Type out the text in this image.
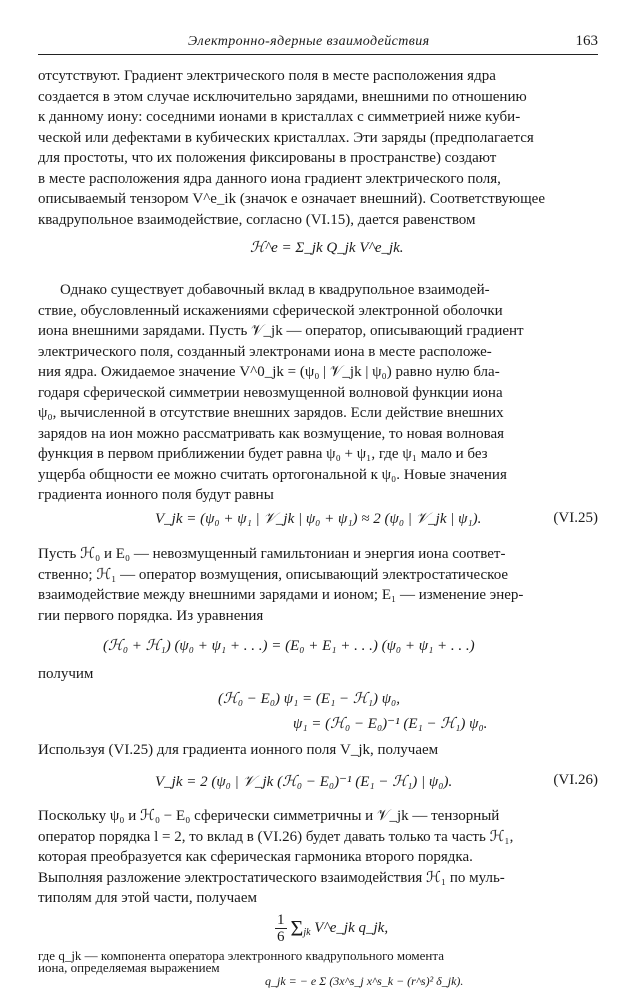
Электронно-ядерные взаимодействия	163
отсутствуют. Градиент электрического поля в месте расположения ядра
создается в этом случае исключительно зарядами, внешними по отношению
к данному иону: соседними ионами в кристаллах с симметрией ниже куби-
ческой или дефектами в кубических кристаллах. Эти заряды (предполагается
для простоты, что их положения фиксированы в пространстве) создают
в месте расположения ядра данного иона градиент электрического поля,
описываемый тензором V^e_ik (значок e означает внешний). Соответствующее
квадрупольное взаимодействие, согласно (VI.15), дается равенством
ℋ^e = Σ_jk Q_jk V^e_jk.
Однако существует добавочный вклад в квадрупольное взаимодей-
ствие, обусловленный искажениями сферической электронной оболочки
иона внешними зарядами. Пусть 𝒱_jk — оператор, описывающий градиент
электрического поля, созданный электронами иона в месте расположе-
ния ядра. Ожидаемое значение V^0_jk = (ψ₀ | 𝒱_jk | ψ₀) равно нулю бла-
годаря сферической симметрии невозмущенной волновой функции иона
ψ₀, вычисленной в отсутствие внешних зарядов. Если действие внешних
зарядов на ион можно рассматривать как возмущение, то новая волновая
функция в первом приближении будет равна ψ₀ + ψ₁, где ψ₁ мало и без
ущерба общности ее можно считать ортогональной к ψ₀. Новые значения
градиента ионного поля будут равны
V_jk = (ψ₀ + ψ₁ | 𝒱_jk | ψ₀ + ψ₁) ≈ 2 (ψ₀ | 𝒱_jk | ψ₁).	(VI.25)
Пусть ℋ₀ и E₀ — невозмущенный гамильтониан и энергия иона соответ-
ственно; ℋ₁ — оператор возмущения, описывающий электростатическое
взаимодействие между внешними зарядами и ионом; E₁ — изменение энер-
гии первого порядка. Из уравнения
(ℋ₀ + ℋ₁) (ψ₀ + ψ₁ + . . .) = (E₀ + E₁ + . . .) (ψ₀ + ψ₁ + . . .)
получим
(ℋ₀ − E₀) ψ₁ = (E₁ − ℋ₁) ψ₀,
ψ₁ = (ℋ₀ − E₀)⁻¹ (E₁ − ℋ₁) ψ₀.
Используя (VI.25) для градиента ионного поля V_jk, получаем
V_jk = 2 (ψ₀ | 𝒱_jk (ℋ₀ − E₀)⁻¹ (E₁ − ℋ₁) | ψ₀).	(VI.26)
Поскольку ψ₀ и ℋ₀ − E₀ сферически симметричны и 𝒱_jk — тензорный
оператор порядка l = 2, то вклад в (VI.26) будет давать только та часть ℋ₁,
которая преобразуется как сферическая гармоника второго порядка.
Выполняя разложение электростатического взаимодействия ℋ₁ по муль-
типолям для этой части, получаем
$\frac{1}{6} \Sigma_{jk}$ V^e_jk q_jk,
где q_jk — компонента оператора электронного квадрупольного момента
иона, определяемая выражением
q_jk = − e Σ (3x^s_j x^s_k − (r^s)² δ_jk).
Подставляя эти выражения в (VI.26), найдем линейное соотношение между
градиентом внешнего поля V^e_jk и градиентом V_jk, создаваемым искажен-
